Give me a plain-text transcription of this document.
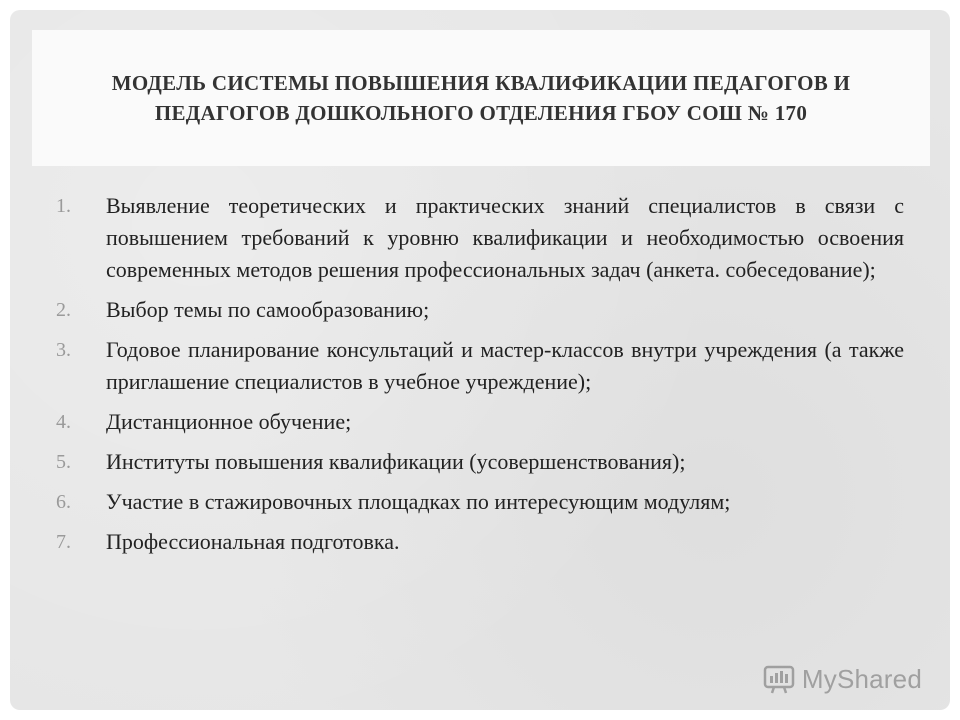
МОДЕЛЬ СИСТЕМЫ ПОВЫШЕНИЯ КВАЛИФИКАЦИИ ПЕДАГОГОВ И ПЕДАГОГОВ ДОШКОЛЬНОГО ОТДЕЛЕНИЯ ГБОУ СОШ № 170
1.	Выявление теоретических и практических знаний специалистов в связи с повышением требований к уровню квалификации и необходимостью освоения современных методов решения профессиональных задач (анкета. собеседование);
2.	Выбор темы по самообразованию;
3.	Годовое планирование консультаций и мастер-классов внутри учреждения (а также приглашение специалистов в учебное учреждение);
4.	Дистанционное обучение;
5.	Институты повышения квалификации (усовершенствования);
6.	Участие в стажировочных площадках по интересующим модулям;
7.	Профессиональная подготовка.
MyShared
